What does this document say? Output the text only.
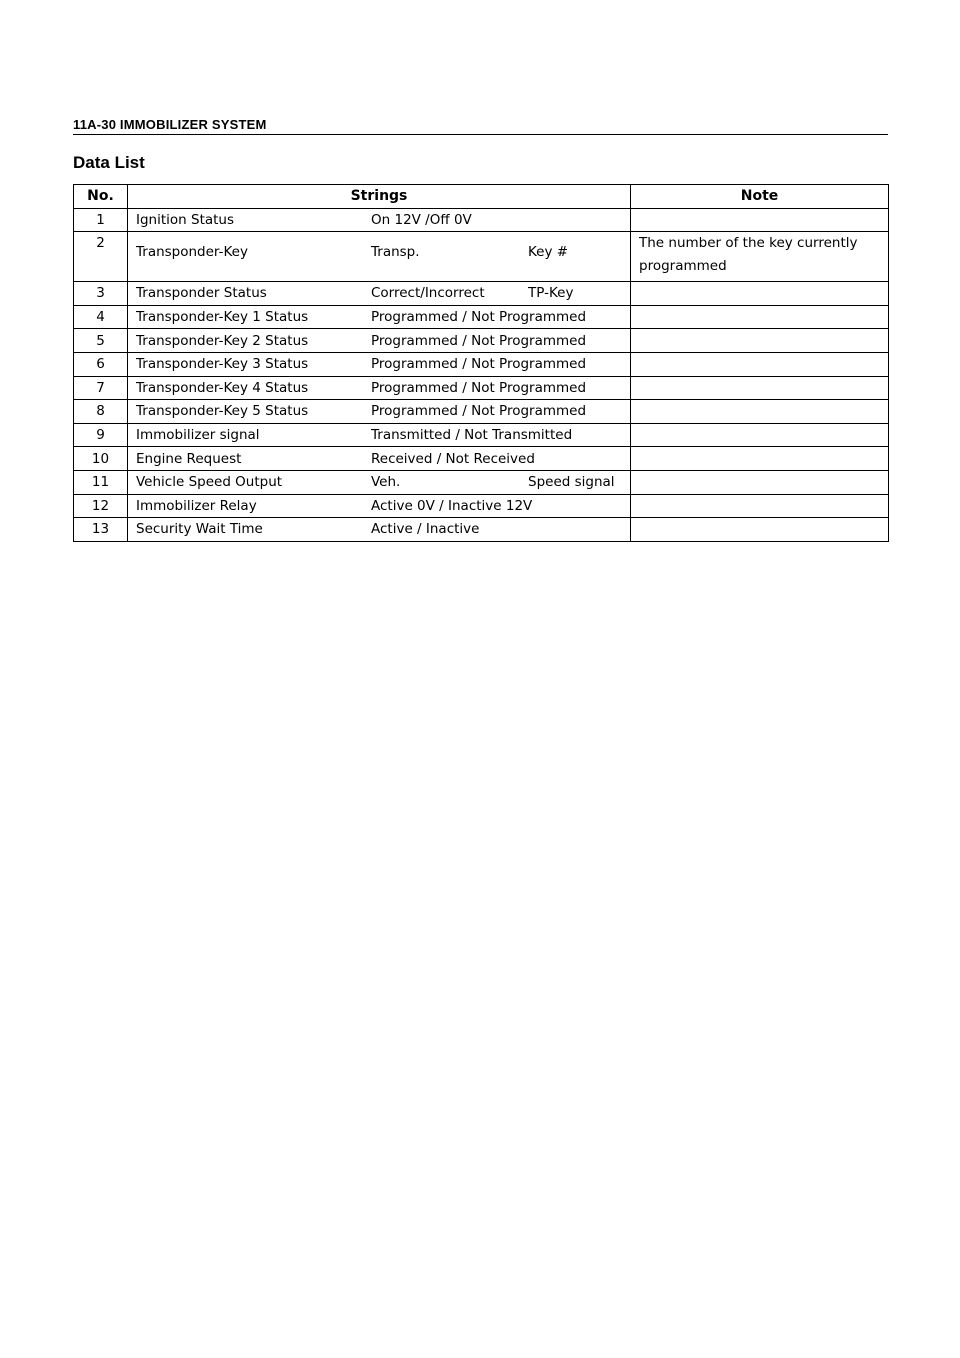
11A-30 IMMOBILIZER SYSTEM
Data List
No.	Strings	Note
1	Ignition Status On 12V /Off 0V	

2	Transponder-Key Transp. Key #	The number of the key currently programmed
3	Transponder Status Correct/Incorrect TP-Key	

4	Transponder-Key 1 Status Programmed / Not Programmed	

5	Transponder-Key 2 Status Programmed / Not Programmed	

6	Transponder-Key 3 Status Programmed / Not Programmed	

7	Transponder-Key 4 Status Programmed / Not Programmed	

8	Transponder-Key 5 Status Programmed / Not Programmed	

9	Immobilizer signal Transmitted / Not Transmitted	

10	Engine Request Received / Not Received	

11	Vehicle Speed Output Veh. Speed signal	

12	Immobilizer Relay Active 0V / Inactive 12V	

13	Security Wait Time Active / Inactive	
